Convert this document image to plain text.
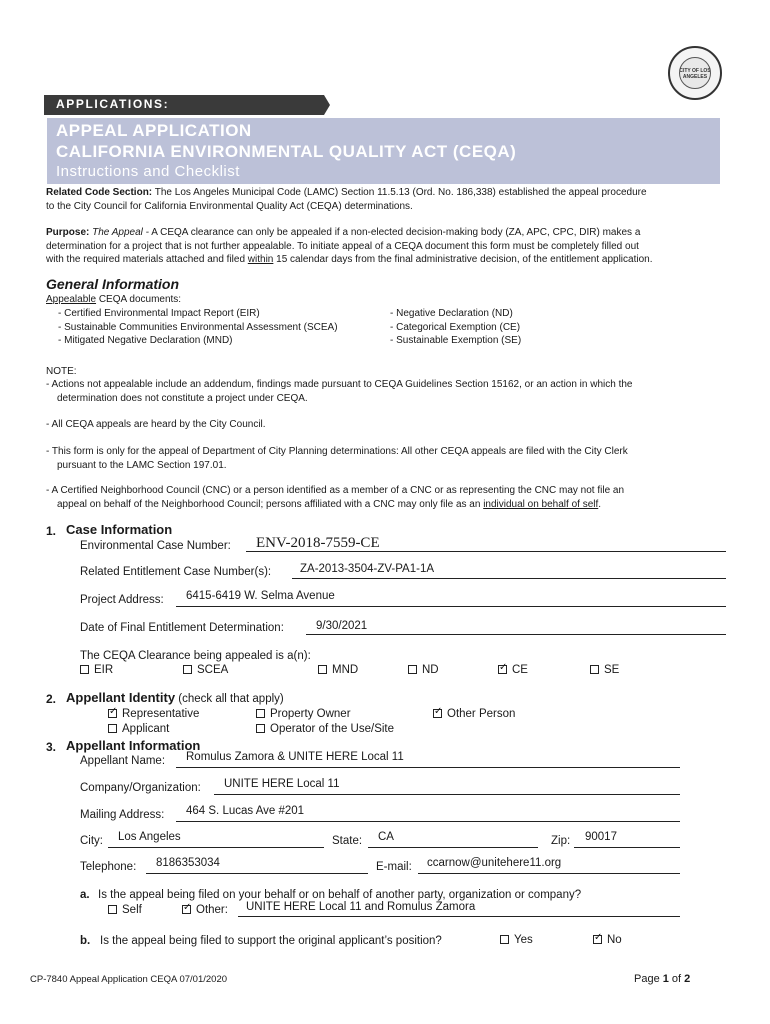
CITY OF LOS ANGELES
APPLICATIONS:
APPEAL APPLICATION
CALIFORNIA ENVIRONMENTAL QUALITY ACT (CEQA)
Instructions and Checklist
Related Code Section: The Los Angeles Municipal Code (LAMC) Section 11.5.13 (Ord. No. 186,338) established the appeal procedure
to the City Council for California Environmental Quality Act (CEQA) determinations.
Purpose: The Appeal - A CEQA clearance can only be appealed if a non-elected decision-making body (ZA, APC, CPC, DIR) makes a
determination for a project that is not further appealable. To initiate appeal of a CEQA document this form must be completely filled out
with the required materials attached and filed within 15 calendar days from the final administrative decision, of the entitlement application.
General Information
Appealable CEQA documents:
- Certified Environmental Impact Report (EIR)
- Sustainable Communities Environmental Assessment (SCEA)
- Mitigated Negative Declaration (MND)
- Negative Declaration (ND)
- Categorical Exemption (CE)
- Sustainable Exemption (SE)
NOTE:
- Actions not appealable include an addendum, findings made pursuant to CEQA Guidelines Section 15162, or an action in which the
determination does not constitute a project under CEQA.
- All CEQA appeals are heard by the City Council.
- This form is only for the appeal of Department of City Planning determinations: All other CEQA appeals are filed with the City Clerk
pursuant to the LAMC Section 197.01.
- A Certified Neighborhood Council (CNC) or a person identified as a member of a CNC or as representing the CNC may not file an
appeal on behalf of the Neighborhood Council; persons affiliated with a CNC may only file as an individual on behalf of self.
1. Case Information
Environmental Case Number: ENV-2018-7559-CE
Related Entitlement Case Number(s):	ZA-2013-3504-ZV-PA1-1A
Project Address: 6415-6419 W. Selma Avenue
Date of Final Entitlement Determination:	9/30/2021
The CEQA Clearance being appealed is a(n):
EIR	SCEA	MND	ND ✓	CE	SE
2. Appellant Identity (check all that apply)
✓Representative	Property Owner ✓	Other Person
Applicant	Operator of the Use/Site
3. Appellant Information
Appellant Name: Romulus Zamora & UNITE HERE Local 11
Company/Organization: UNITE HERE Local 11
Mailing Address: 464 S. Lucas Ave #201
City: Los Angeles	State: CA	Zip: 90017
Telephone: 8186353034	E-mail: ccarnow@unitehere11.org
a. Is the appeal being filed on your behalf or on behalf of another party, organization or company?
Self ✓	Other: UNITE HERE Local 11 and Romulus Zamora
b. Is the appeal being filed to support the original applicant’s position?	Yes ✓	No
CP-7840 Appeal Application CEQA 07/01/2020	Page 1 of 2
